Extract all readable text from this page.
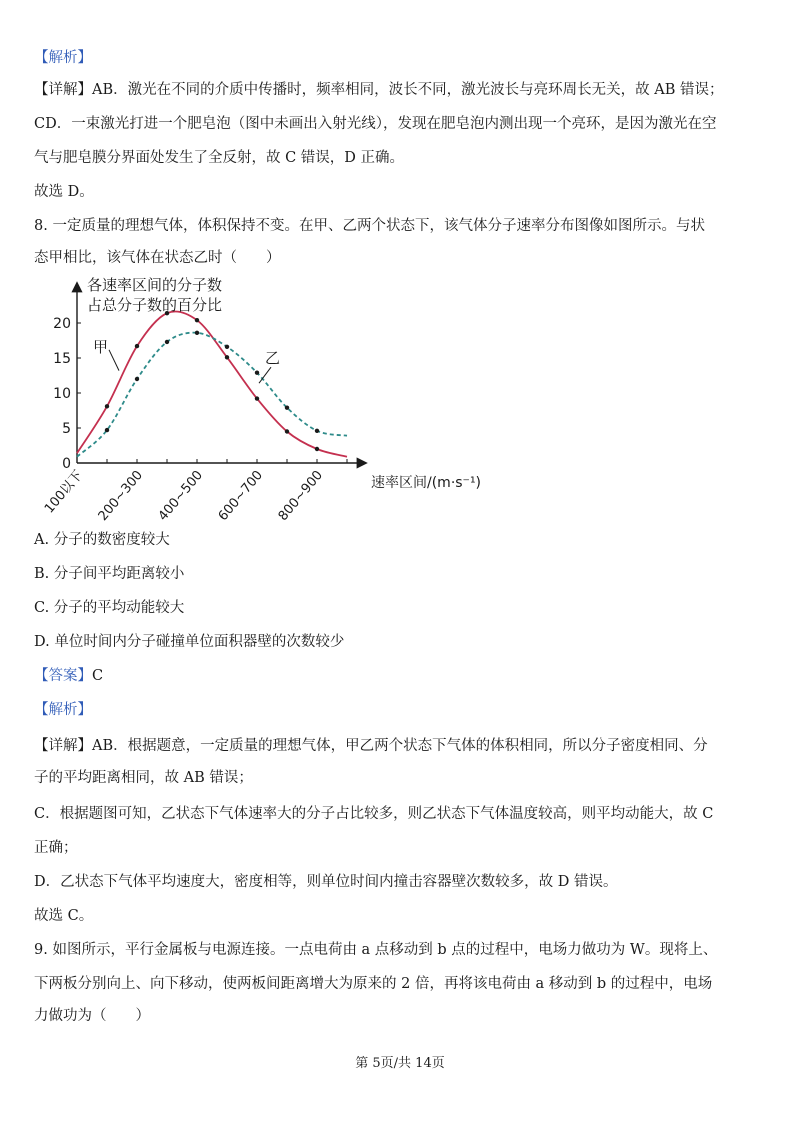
【解析】
【详解】AB．激光在不同的介质中传播时，频率相同，波长不同，激光波长与亮环周长无关，故 AB 错误；
CD．一束激光打进一个肥皂泡（图中未画出入射光线），发现在肥皂泡内测出现一个亮环，是因为激光在空
气与肥皂膜分界面处发生了全反射，故 C 错误，D 正确。
故选 D。
8. 一定质量的理想气体，体积保持不变。在甲、乙两个状态下，该气体分子速率分布图像如图所示。与状
态甲相比，该气体在状态乙时（　　）
0
5
10
15
20
100以下 200~300 400~500 600~700 800~900
各速率区间的分子数
占总分子数的百分比
速率区间/(m·s⁻¹)
甲
乙
A. 分子的数密度较大
B. 分子间平均距离较小
C. 分子的平均动能较大
D. 单位时间内分子碰撞单位面积器壁的次数较少
【答案】C
【解析】
【详解】AB．根据题意，一定质量的理想气体，甲乙两个状态下气体的体积相同，所以分子密度相同、分
子的平均距离相同，故 AB 错误；
C．根据题图可知，乙状态下气体速率大的分子占比较多，则乙状态下气体温度较高，则平均动能大，故 C
正确；
D．乙状态下气体平均速度大，密度相等，则单位时间内撞击容器壁次数较多，故 D 错误。
故选 C。
9. 如图所示，平行金属板与电源连接。一点电荷由 a 点移动到 b 点的过程中，电场力做功为 W。现将上、
下两板分别向上、向下移动，使两板间距离增大为原来的 2 倍，再将该电荷由 a 移动到 b 的过程中，电场
力做功为（　　）
第 5页/共 14页
